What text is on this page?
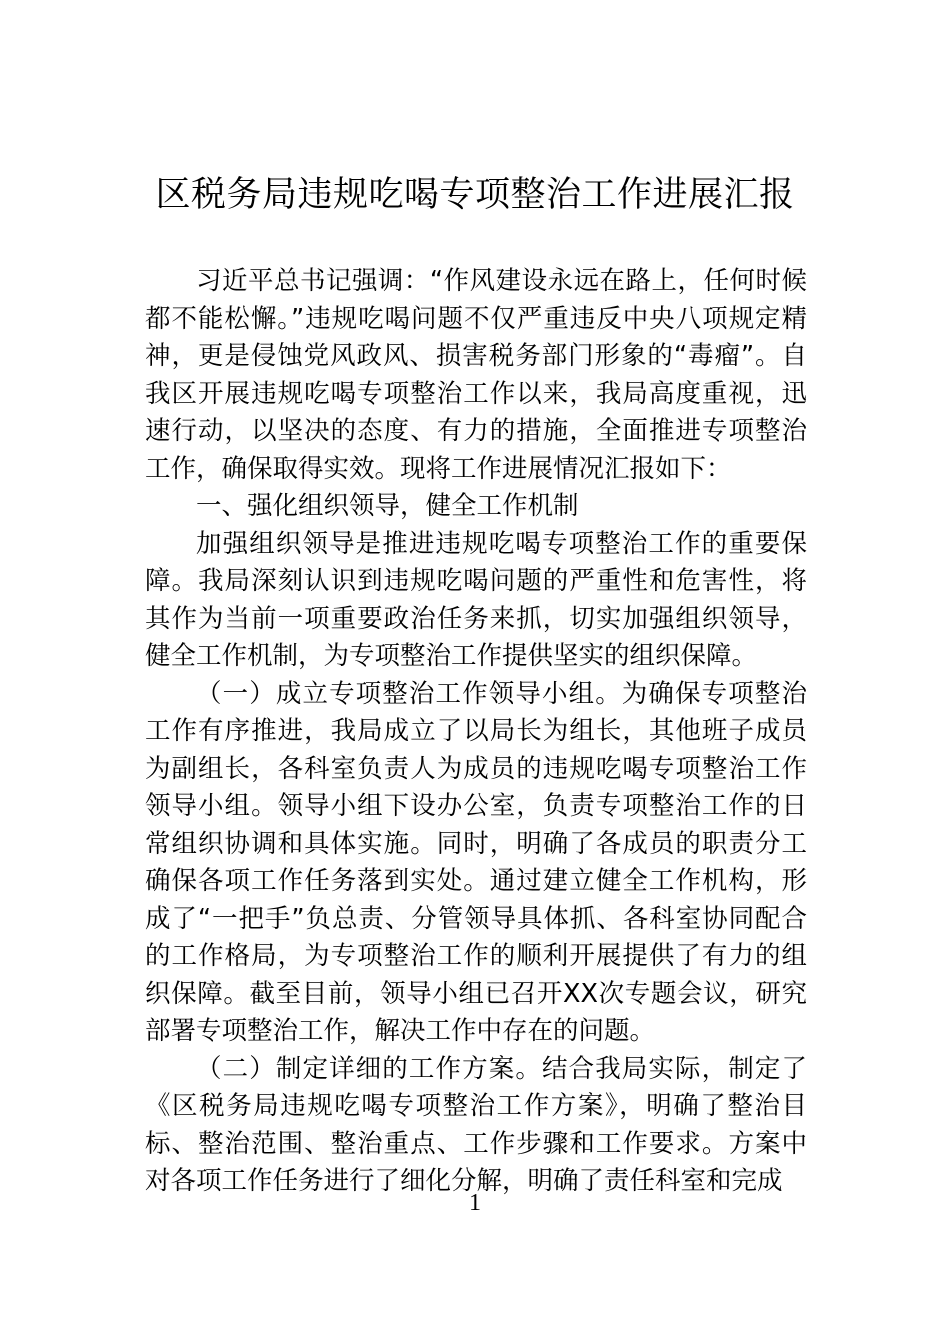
区税务局违规吃喝专项整治工作进展汇报

习近平总书记强调：“作风建设永远在路上，任何时候都不能松懈。”违规吃喝问题不仅严重违反中央八项规定精神，更是侵蚀党风政风、损害税务部门形象的“毒瘤”。自我区开展违规吃喝专项整治工作以来，我局高度重视，迅速行动，以坚决的态度、有力的措施，全面推进专项整治工作，确保取得实效。现将工作进展情况汇报如下：

一、强化组织领导，健全工作机制

加强组织领导是推进违规吃喝专项整治工作的重要保障。我局深刻认识到违规吃喝问题的严重性和危害性，将其作为当前一项重要政治任务来抓，切实加强组织领导，健全工作机制，为专项整治工作提供坚实的组织保障。

（一）成立专项整治工作领导小组。为确保专项整治工作有序推进，我局成立了以局长为组长，其他班子成员为副组长，各科室负责人为成员的违规吃喝专项整治工作领导小组。领导小组下设办公室，负责专项整治工作的日常组织协调和具体实施。同时，明确了各成员的职责分工确保各项工作任务落到实处。通过建立健全工作机构，形成了“一把手”负总责、分管领导具体抓、各科室协同配合的工作格局，为专项整治工作的顺利开展提供了有力的组织保障。截至目前，领导小组已召开XX次专题会议，研究部署专项整治工作，解决工作中存在的问题。

（二）制定详细的工作方案。结合我局实际，制定了《区税务局违规吃喝专项整治工作方案》，明确了整治目标、整治范围、整治重点、工作步骤和工作要求。方案中对各项工作任务进行了细化分解，明确了责任科室和完成

1
